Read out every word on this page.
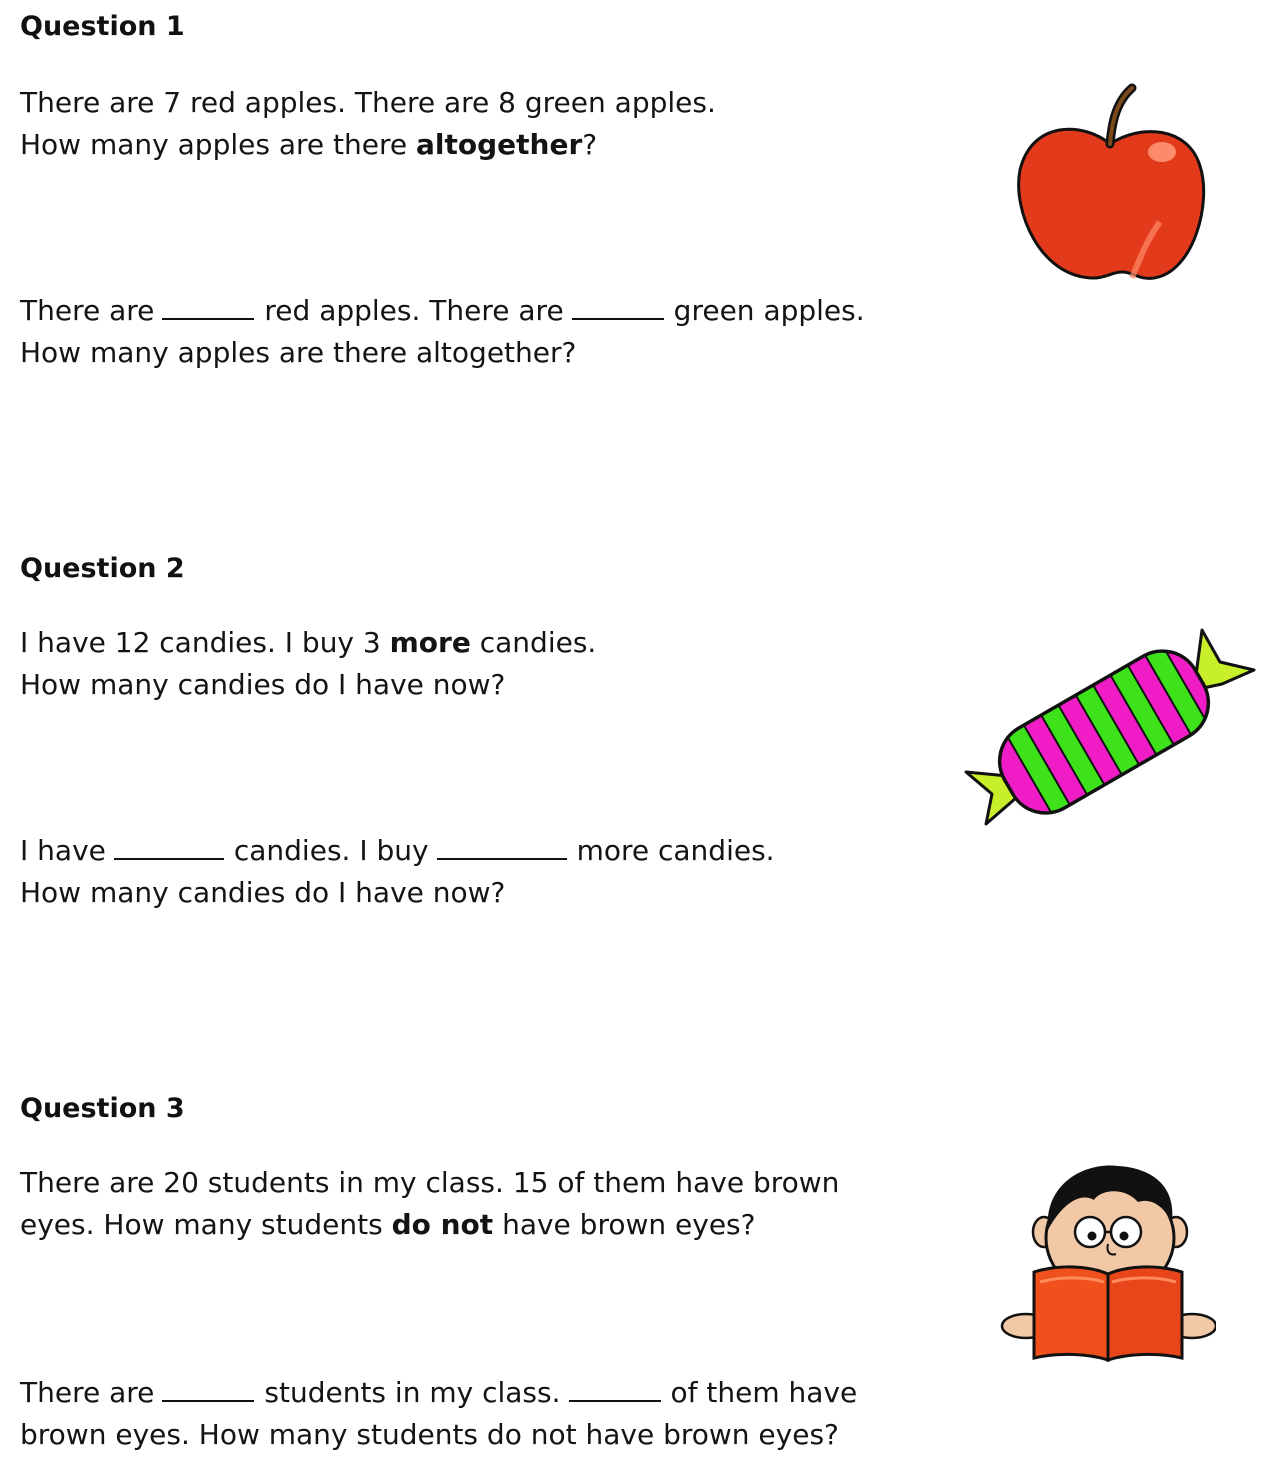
Question 1

There are 7 red apples. There are 8 green apples.
How many apples are there altogether?

There are	red apples. There are	green apples.
How many apples are there altogether?

Question 2

I have 12 candies. I buy 3 more candies.
How many candies do I have now?

I have	candies. I buy	more candies.
How many candies do I have now?

Question 3

There are 20 students in my class. 15 of them have brown
eyes. How many students do not have brown eyes?

There are	students in my class.	of them have
brown eyes. How many students do not have brown eyes?
